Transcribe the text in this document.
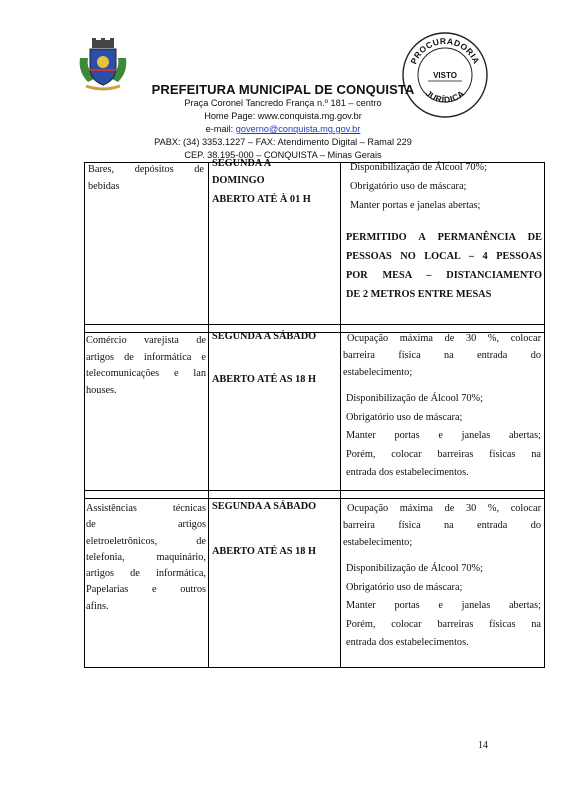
PROCURADORIA
VISTO
JURÍDICA
PREFEITURA MUNICIPAL DE CONQUISTA
Praça Coronel Tancredo França n.º 181 – centro
Home Page: www.conquista.mg.gov.br
e-mail: governo@conquista.mg.gov.br
PABX: (34) 3353.1227 – FAX: Atendimento Digital – Ramal 229
CEP. 38.195-000 – CONQUISTA – Minas Gerais
Bares, depósitos de
bebidas
SEGUNDA A
DOMINGO
ABERTO ATÉ À 01 H
Disponibilização de Álcool 70%;
Obrigatório uso de máscara;
Manter portas e janelas abertas;
PERMITIDO A PERMANÊNCIA DE
PESSOAS NO LOCAL – 4 PESSOAS
POR MESA – DISTANCIAMENTO
DE 2 METROS ENTRE MESAS
Comércio varejista de
artigos de informática e
telecomunicações e lan
houses.
SEGUNDA A SÁBADO
ABERTO ATÉ AS 18 H
Ocupação máxima de 30 %, colocar
barreira física na entrada do
estabelecimento;
Disponibilização de Álcool 70%;
Obrigatório uso de máscara;
Manter portas e janelas abertas;
Porém, colocar barreiras físicas na
entrada dos estabelecimentos.
Assistências técnicas
de artigos
eletroeletrônicos, de
telefonia, maquinário,
artigos de informática,
Papelarias e outros
afins.
SEGUNDA A SÁBADO
ABERTO ATÉ AS 18 H
Ocupação máxima de 30 %, colocar
barreira física na entrada do
estabelecimento;
Disponibilização de Álcool 70%;
Obrigatório uso de máscara;
Manter portas e janelas abertas;
Porém, colocar barreiras físicas na
entrada dos estabelecimentos.
14
